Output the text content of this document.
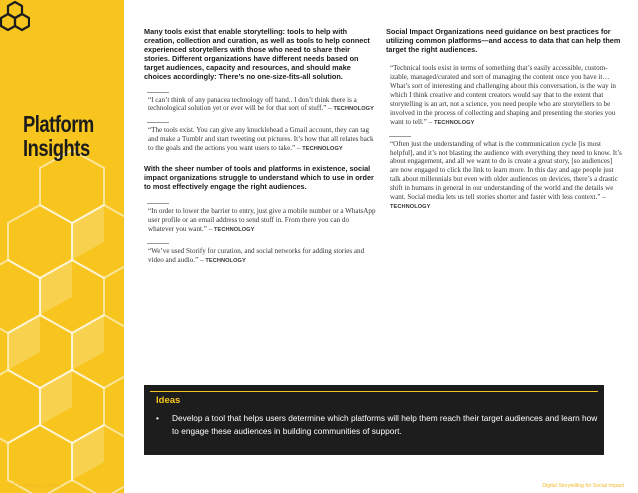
Platform
Insights

Many tools exist that enable storytelling: tools to help with creation, collection and curation, as well as tools to help connect experienced storytellers with those who need to share their stories. Different organizations have different needs based on target audiences, capacity and resources, and should make choices accordingly: There’s no one-size-fits-all solution.

“I can’t think of any panacea technology off hand.. I don’t think there is a technological solution yet or ever will be for that sort of stuff.” – TECHNOLOGY

“The tools exist. You can give any knucklehead a Gmail account, they can tag and make a Tumblr and start tweeting out pictures. It’s how that all relates back to the goals and the actions you want users to take.” – TECHNOLOGY

With the sheer number of tools and platforms in existence, social impact organizations struggle to understand which to use in order to most effectively engage the right audiences.

“In order to lower the barrier to entry, just give a mobile number or a WhatsApp user profile or an email address to send stuff in. From there you can do whatever you want.” – TECHNOLOGY

“We’ve used Storify for curation, and social networks for adding stories and video and audio.” – TECHNOLOGY

Social Impact Organizations need guidance on best practices for utilizing common platforms—and access to data that can help them target the right audiences.

“Technical tools exist in terms of something that’s easily accessible, custom-izable, managed/curated and sort of managing the content once you have it…What’s sort of interesting and challenging about this conversation, is the way in which I think creative and content creators would say that to the extent that storytelling is an art, not a science, you need people who are storytellers to be involved in the process of collecting and shaping and presenting the stories you want to tell.” – TECHNOLOGY

“Often just the understanding of what is the communication cycle [is most helpful], and it’s not blasting the audience with everything they need to know. It’s about engagement, and all we want to do is create a great story, [so audiences] are now engaged to click the link to learn more. In this day and age people just talk about millennials but even with older audiences on devices, there’s a drastic shift in humans in general in our understanding of the world and the details we want. Social media lets us tell stories shorter and faster with less context.” – TECHNOLOGY

Ideas
•	Develop a tool that helps users determine which platforms will help them reach their target audiences and learn how to engage these audiences in building communities of support.
16 — Insights & Ideas	Digital Storytelling for Social Impact
